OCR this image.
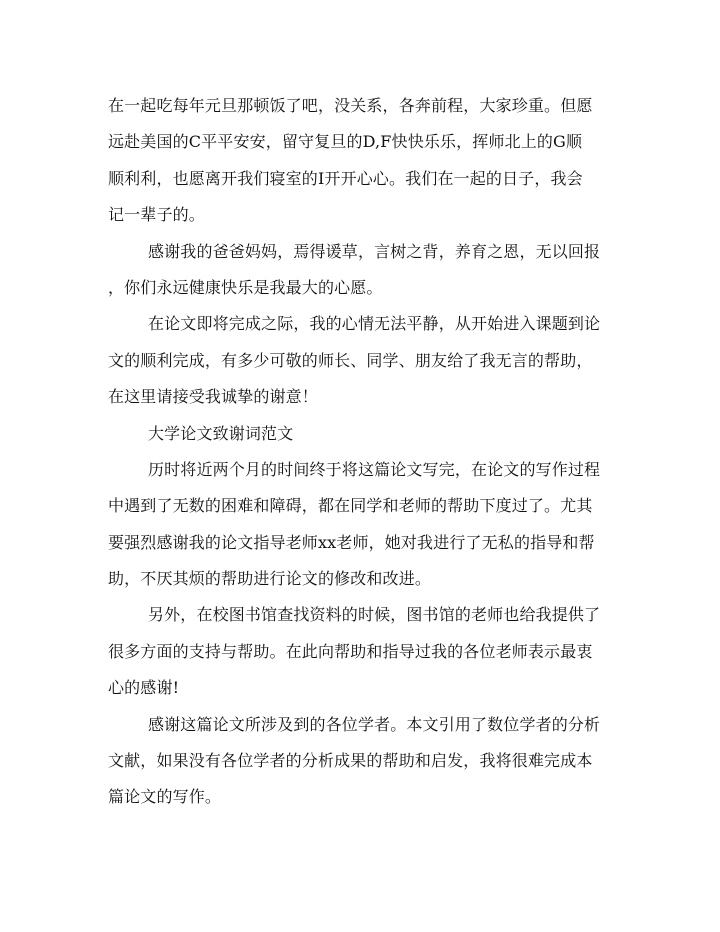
在一起吃每年元旦那顿饭了吧，没关系，各奔前程，大家珍重。但愿
远赴美国的C平平安安，留守复旦的D,F快快乐乐，挥师北上的G顺
顺利利，也愿离开我们寝室的I开开心心。我们在一起的日子，我会
记一辈子的。
感谢我的爸爸妈妈，焉得谖草，言树之背，养育之恩，无以回报
，你们永远健康快乐是我最大的心愿。
在论文即将完成之际，我的心情无法平静，从开始进入课题到论
文的顺利完成，有多少可敬的师长、同学、朋友给了我无言的帮助，
在这里请接受我诚挚的谢意！
大学论文致谢词范文
历时将近两个月的时间终于将这篇论文写完，在论文的写作过程
中遇到了无数的困难和障碍，都在同学和老师的帮助下度过了。尤其
要强烈感谢我的论文指导老师xx老师，她对我进行了无私的指导和帮
助，不厌其烦的帮助进行论文的修改和改进。
另外，在校图书馆查找资料的时候，图书馆的老师也给我提供了
很多方面的支持与帮助。在此向帮助和指导过我的各位老师表示最衷
心的感谢!
感谢这篇论文所涉及到的各位学者。本文引用了数位学者的分析
文献，如果没有各位学者的分析成果的帮助和启发，我将很难完成本
篇论文的写作。
